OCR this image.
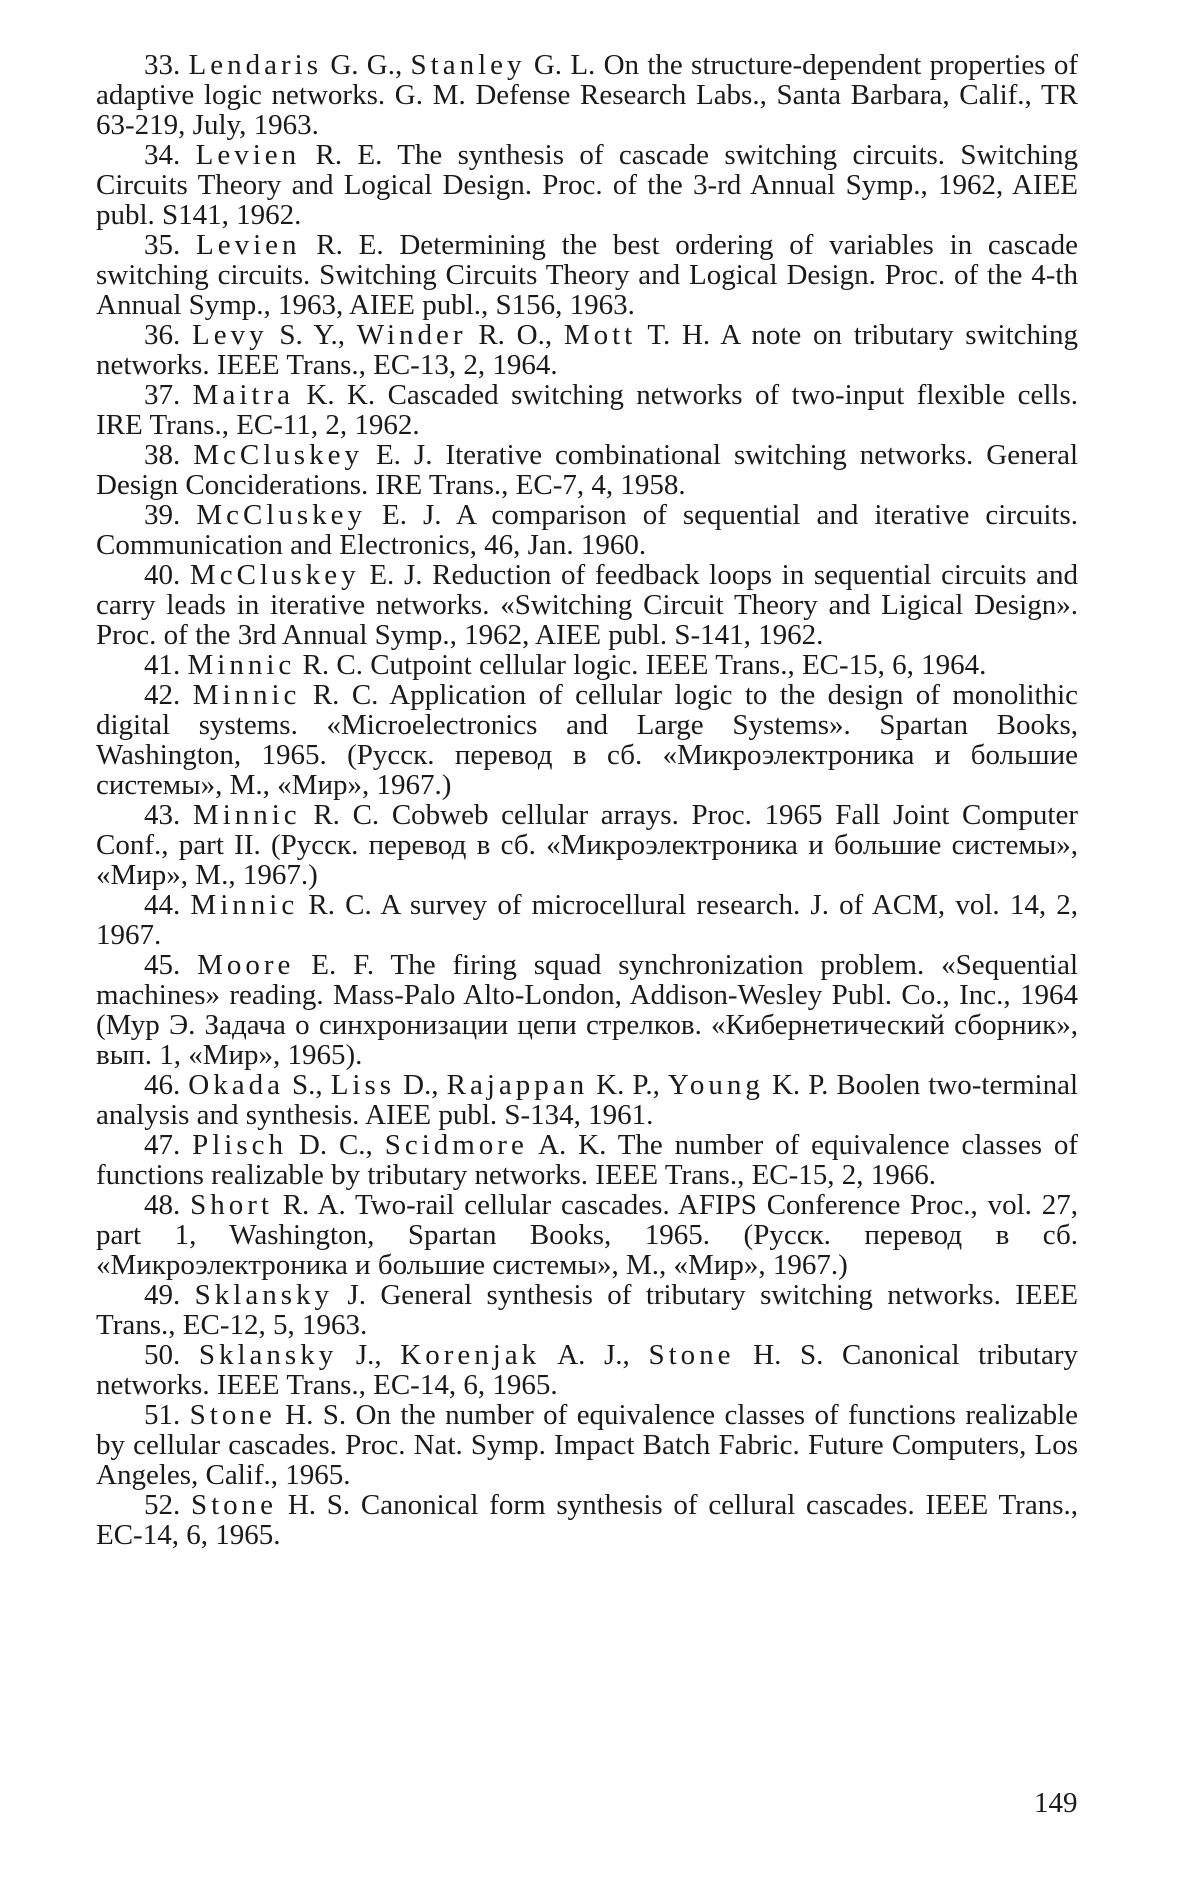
33. Lendaris G. G., Stanley G. L. On the structure-dependent properties of adaptive logic networks. G. M. Defense Research Labs., Santa Barbara, Calif., TR 63-219, July, 1963.

34. Levien R. E. The synthesis of cascade switching circuits. Switching Circuits Theory and Logical Design. Proc. of the 3-rd Annual Symp., 1962, AIEE publ. S141, 1962.

35. Levien R. E. Determining the best ordering of variables in cascade switching circuits. Switching Circuits Theory and Logical Design. Proc. of the 4-th Annual Symp., 1963, AIEE publ., S156, 1963.

36. Levy S. Y., Winder R. O., Mott T. H. A note on tributary switching networks. IEEE Trans., EC-13, 2, 1964.

37. Maitra K. K. Cascaded switching networks of two-input flexible cells. IRE Trans., EC-11, 2, 1962.

38. McCluskey E. J. Iterative combinational switching networks. General Design Conciderations. IRE Trans., EC-7, 4, 1958.

39. McCluskey E. J. A comparison of sequential and iterative circuits. Communication and Electronics, 46, Jan. 1960.

40. McCluskey E. J. Reduction of feedback loops in sequential circuits and carry leads in iterative networks. «Switching Circuit Theory and Ligical Design». Proc. of the 3rd Annual Symp., 1962, AIEE publ. S-141, 1962.

41. Minnic R. C. Cutpoint cellular logic. IEEE Trans., EC-15, 6, 1964.

42. Minnic R. C. Application of cellular logic to the design of monolithic digital systems. «Microelectronics and Large Systems». Spartan Books, Washington, 1965. (Русск. перевод в сб. «Микроэлектроника и большие системы», М., «Мир», 1967.)

43. Minnic R. C. Cobweb cellular arrays. Proc. 1965 Fall Joint Computer Conf., part II. (Русск. перевод в сб. «Микроэлектроника и большие системы», «Мир», М., 1967.)

44. Minnic R. C. A survey of microcellural research. J. of ACM, vol. 14, 2, 1967.

45. Moore E. F. The firing squad synchronization problem. «Sequential machines» reading. Mass-Palo Alto-London, Addison-Wesley Publ. Co., Inc., 1964 (Мур Э. Задача о синхронизации цепи стрелков. «Кибернетический сборник», вып. 1, «Мир», 1965).

46. Okada S., Liss D., Rajappan K. P., Young K. P. Boolen two-terminal analysis and synthesis. AIEE publ. S-134, 1961.

47. Plisch D. C., Scidmore A. K. The number of equivalence classes of functions realizable by tributary networks. IEEE Trans., EC-15, 2, 1966.

48. Short R. A. Two-rail cellular cascades. AFIPS Conference Proc., vol. 27, part 1, Washington, Spartan Books, 1965. (Русск. перевод в сб. «Микроэлектроника и большие системы», М., «Мир», 1967.)

49. Sklansky J. General synthesis of tributary switching networks. IEEE Trans., EC-12, 5, 1963.

50. Sklansky J., Korenjak A. J., Stone H. S. Canonical tributary networks. IEEE Trans., EC-14, 6, 1965.

51. Stone H. S. On the number of equivalence classes of functions realizable by cellular cascades. Proc. Nat. Symp. Impact Batch Fabric. Future Computers, Los Angeles, Calif., 1965.

52. Stone H. S. Canonical form synthesis of cellural cascades. IEEE Trans., EC-14, 6, 1965.

149
